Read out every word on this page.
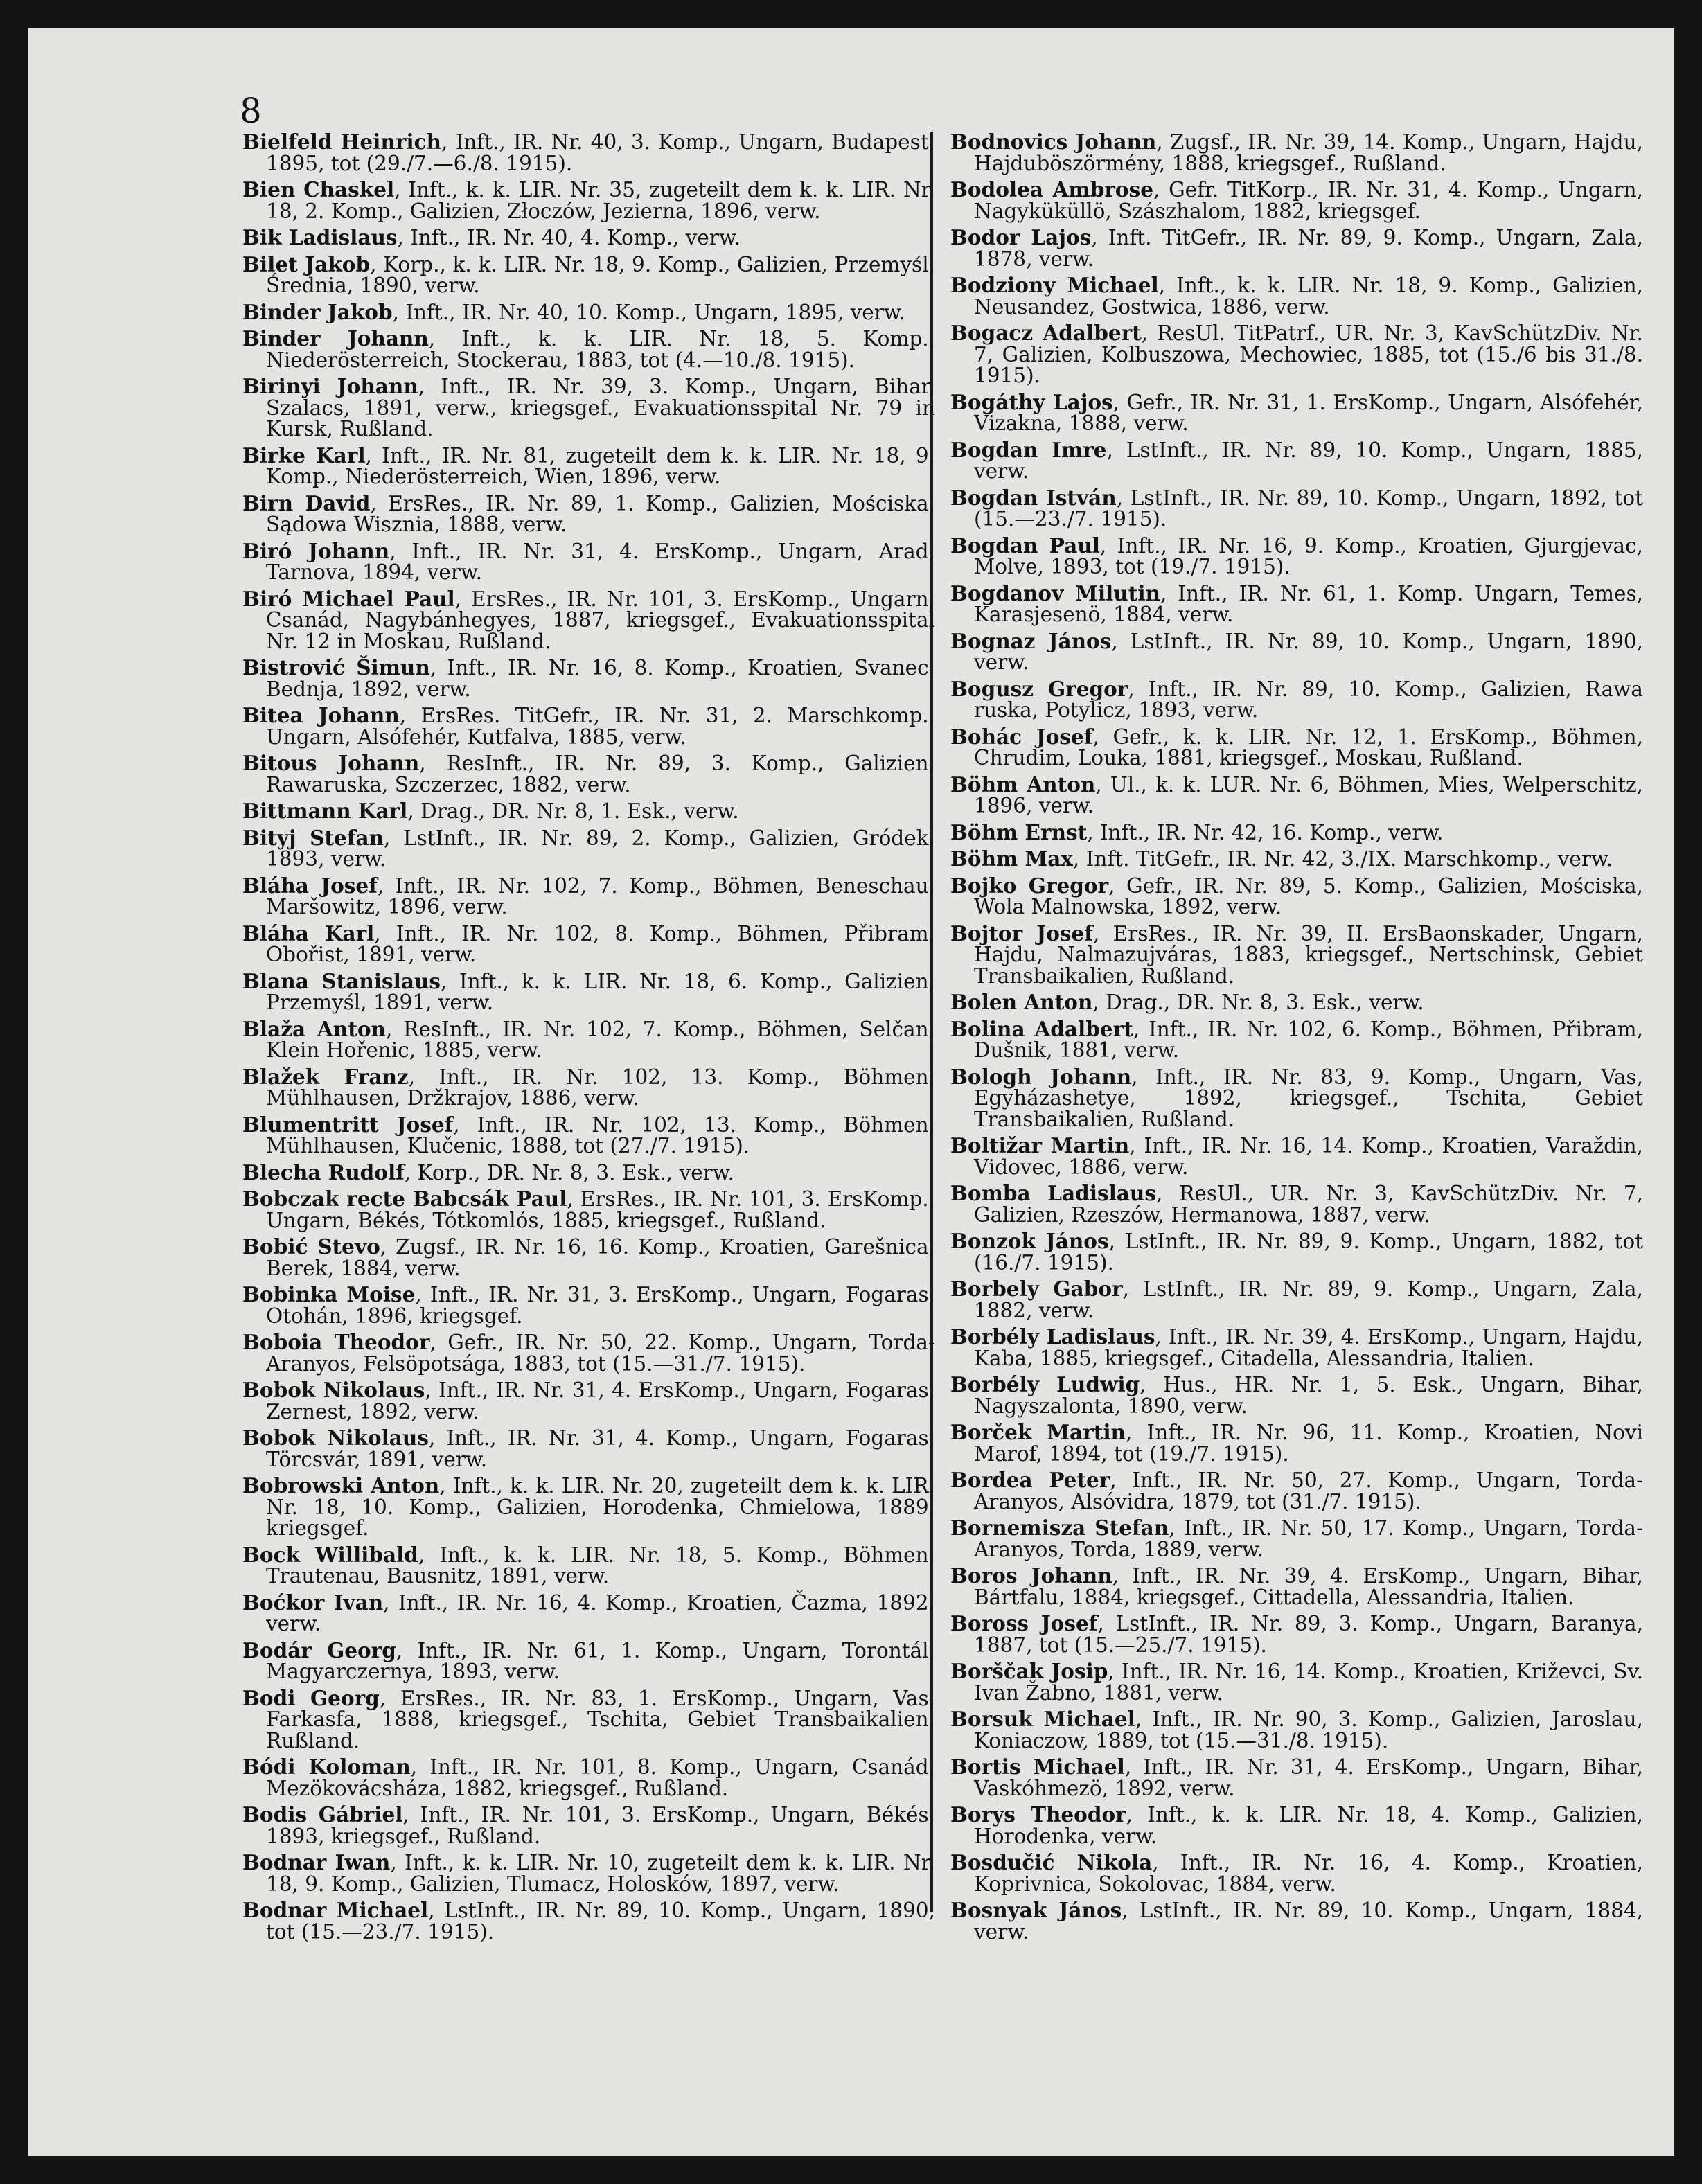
8
Bielfeld Heinrich, Inft., IR. Nr. 40, 3. Komp., Ungarn, Budapest, 1895, tot (29./7.—6./8. 1915).
Bien Chaskel, Inft., k. k. LIR. Nr. 35, zugeteilt dem k. k. LIR. Nr. 18, 2. Komp., Galizien, Złoczów, Jezierna, 1896, verw.
Bik Ladislaus, Inft., IR. Nr. 40, 4. Komp., verw.
Bilet Jakob, Korp., k. k. LIR. Nr. 18, 9. Komp., Galizien, Przemyśl, Średnia, 1890, verw.
Binder Jakob, Inft., IR. Nr. 40, 10. Komp., Ungarn, 1895, verw.
Binder Johann, Inft., k. k. LIR. Nr. 18, 5. Komp., Niederösterreich, Stockerau, 1883, tot (4.—10./8. 1915).
Birinyi Johann, Inft., IR. Nr. 39, 3. Komp., Ungarn, Bihar, Szalacs, 1891, verw., kriegsgef., Evakuationsspital Nr. 79 in Kursk, Rußland.
Birke Karl, Inft., IR. Nr. 81, zugeteilt dem k. k. LIR. Nr. 18, 9. Komp., Niederösterreich, Wien, 1896, verw.
Birn David, ErsRes., IR. Nr. 89, 1. Komp., Galizien, Mościska, Sądowa Wisznia, 1888, verw.
Biró Johann, Inft., IR. Nr. 31, 4. ErsKomp., Ungarn, Arad, Tarnova, 1894, verw.
Biró Michael Paul, ErsRes., IR. Nr. 101, 3. ErsKomp., Ungarn, Csanád, Nagybánhegyes, 1887, kriegsgef., Evakuationsspital Nr. 12 in Moskau, Rußland.
Bistrović Šimun, Inft., IR. Nr. 16, 8. Komp., Kroatien, Svanec, Bednja, 1892, verw.
Bitea Johann, ErsRes. TitGefr., IR. Nr. 31, 2. Marschkomp., Ungarn, Alsófehér, Kutfalva, 1885, verw.
Bitous Johann, ResInft., IR. Nr. 89, 3. Komp., Galizien, Rawaruska, Szczerzec, 1882, verw.
Bittmann Karl, Drag., DR. Nr. 8, 1. Esk., verw.
Bityj Stefan, LstInft., IR. Nr. 89, 2. Komp., Galizien, Gródek, 1893, verw.
Bláha Josef, Inft., IR. Nr. 102, 7. Komp., Böhmen, Beneschau, Maršowitz, 1896, verw.
Bláha Karl, Inft., IR. Nr. 102, 8. Komp., Böhmen, Přibram, Obořist, 1891, verw.
Blana Stanislaus, Inft., k. k. LIR. Nr. 18, 6. Komp., Galizien, Przemyśl, 1891, verw.
Blaža Anton, ResInft., IR. Nr. 102, 7. Komp., Böhmen, Selčan, Klein Hořenic, 1885, verw.
Blažek Franz, Inft., IR. Nr. 102, 13. Komp., Böhmen, Mühlhausen, Držkrajov, 1886, verw.
Blumentritt Josef, Inft., IR. Nr. 102, 13. Komp., Böhmen, Mühlhausen, Klučenic, 1888, tot (27./7. 1915).
Blecha Rudolf, Korp., DR. Nr. 8, 3. Esk., verw.
Bobczak recte Babcsák Paul, ErsRes., IR. Nr. 101, 3. ErsKomp., Ungarn, Békés, Tótkomlós, 1885, kriegsgef., Rußland.
Bobić Stevo, Zugsf., IR. Nr. 16, 16. Komp., Kroatien, Garešnica, Berek, 1884, verw.
Bobinka Moise, Inft., IR. Nr. 31, 3. ErsKomp., Ungarn, Fogaras, Otohán, 1896, kriegsgef.
Boboia Theodor, Gefr., IR. Nr. 50, 22. Komp., Ungarn, Torda-Aranyos, Felsöpotsága, 1883, tot (15.—31./7. 1915).
Bobok Nikolaus, Inft., IR. Nr. 31, 4. ErsKomp., Ungarn, Fogaras, Zernest, 1892, verw.
Bobok Nikolaus, Inft., IR. Nr. 31, 4. Komp., Ungarn, Fogaras, Törcsvár, 1891, verw.
Bobrowski Anton, Inft., k. k. LIR. Nr. 20, zugeteilt dem k. k. LIR. Nr. 18, 10. Komp., Galizien, Horodenka, Chmielowa, 1889, kriegsgef.
Bock Willibald, Inft., k. k. LIR. Nr. 18, 5. Komp., Böhmen, Trautenau, Bausnitz, 1891, verw.
Boćkor Ivan, Inft., IR. Nr. 16, 4. Komp., Kroatien, Čazma, 1892, verw.
Bodár Georg, Inft., IR. Nr. 61, 1. Komp., Ungarn, Torontál, Magyarczernya, 1893, verw.
Bodi Georg, ErsRes., IR. Nr. 83, 1. ErsKomp., Ungarn, Vas, Farkasfa, 1888, kriegsgef., Tschita, Gebiet Transbaikalien, Rußland.
Bódi Koloman, Inft., IR. Nr. 101, 8. Komp., Ungarn, Csanád, Mezökovácsháza, 1882, kriegsgef., Rußland.
Bodis Gábriel, Inft., IR. Nr. 101, 3. ErsKomp., Ungarn, Békés, 1893, kriegsgef., Rußland.
Bodnar Iwan, Inft., k. k. LIR. Nr. 10, zugeteilt dem k. k. LIR. Nr. 18, 9. Komp., Galizien, Tlumacz, Holosków, 1897, verw.
Bodnar Michael, LstInft., IR. Nr. 89, 10. Komp., Ungarn, 1890, tot (15.—23./7. 1915).
Bodnovics Johann, Zugsf., IR. Nr. 39, 14. Komp., Ungarn, Hajdu, Hajduböszörmény, 1888, kriegsgef., Rußland.
Bodolea Ambrose, Gefr. TitKorp., IR. Nr. 31, 4. Komp., Ungarn, Nagyküküllö, Szászhalom, 1882, kriegsgef.
Bodor Lajos, Inft. TitGefr., IR. Nr. 89, 9. Komp., Ungarn, Zala, 1878, verw.
Bodziony Michael, Inft., k. k. LIR. Nr. 18, 9. Komp., Galizien, Neusandez, Gostwica, 1886, verw.
Bogacz Adalbert, ResUl. TitPatrf., UR. Nr. 3, KavSchützDiv. Nr. 7, Galizien, Kolbuszowa, Mechowiec, 1885, tot (15./6 bis 31./8. 1915).
Bogáthy Lajos, Gefr., IR. Nr. 31, 1. ErsKomp., Ungarn, Alsófehér, Vizakna, 1888, verw.
Bogdan Imre, LstInft., IR. Nr. 89, 10. Komp., Ungarn, 1885, verw.
Bogdan István, LstInft., IR. Nr. 89, 10. Komp., Ungarn, 1892, tot (15.—23./7. 1915).
Bogdan Paul, Inft., IR. Nr. 16, 9. Komp., Kroatien, Gjurgjevac, Molve, 1893, tot (19./7. 1915).
Bogdanov Milutin, Inft., IR. Nr. 61, 1. Komp. Ungarn, Temes, Karasjesenö, 1884, verw.
Bognaz János, LstInft., IR. Nr. 89, 10. Komp., Ungarn, 1890, verw.
Bogusz Gregor, Inft., IR. Nr. 89, 10. Komp., Galizien, Rawa ruska, Potylicz, 1893, verw.
Bohác Josef, Gefr., k. k. LIR. Nr. 12, 1. ErsKomp., Böhmen, Chrudim, Louka, 1881, kriegsgef., Moskau, Rußland.
Böhm Anton, Ul., k. k. LUR. Nr. 6, Böhmen, Mies, Welperschitz, 1896, verw.
Böhm Ernst, Inft., IR. Nr. 42, 16. Komp., verw.
Böhm Max, Inft. TitGefr., IR. Nr. 42, 3./IX. Marschkomp., verw.
Bojko Gregor, Gefr., IR. Nr. 89, 5. Komp., Galizien, Mościska, Wola Malnowska, 1892, verw.
Bojtor Josef, ErsRes., IR. Nr. 39, II. ErsBaonskader, Ungarn, Hajdu, Nalmazujváras, 1883, kriegsgef., Nertschinsk, Gebiet Transbaikalien, Rußland.
Bolen Anton, Drag., DR. Nr. 8, 3. Esk., verw.
Bolina Adalbert, Inft., IR. Nr. 102, 6. Komp., Böhmen, Přibram, Dušnik, 1881, verw.
Bologh Johann, Inft., IR. Nr. 83, 9. Komp., Ungarn, Vas, Egyházashetye, 1892, kriegsgef., Tschita, Gebiet Transbaikalien, Rußland.
Boltižar Martin, Inft., IR. Nr. 16, 14. Komp., Kroatien, Varaždin, Vidovec, 1886, verw.
Bomba Ladislaus, ResUl., UR. Nr. 3, KavSchützDiv. Nr. 7, Galizien, Rzeszów, Hermanowa, 1887, verw.
Bonzok János, LstInft., IR. Nr. 89, 9. Komp., Ungarn, 1882, tot (16./7. 1915).
Borbely Gabor, LstInft., IR. Nr. 89, 9. Komp., Ungarn, Zala, 1882, verw.
Borbély Ladislaus, Inft., IR. Nr. 39, 4. ErsKomp., Ungarn, Hajdu, Kaba, 1885, kriegsgef., Citadella, Alessandria, Italien.
Borbély Ludwig, Hus., HR. Nr. 1, 5. Esk., Ungarn, Bihar, Nagyszalonta, 1890, verw.
Borček Martin, Inft., IR. Nr. 96, 11. Komp., Kroatien, Novi Marof, 1894, tot (19./7. 1915).
Bordea Peter, Inft., IR. Nr. 50, 27. Komp., Ungarn, Torda-Aranyos, Alsóvidra, 1879, tot (31./7. 1915).
Bornemisza Stefan, Inft., IR. Nr. 50, 17. Komp., Ungarn, Torda-Aranyos, Torda, 1889, verw.
Boros Johann, Inft., IR. Nr. 39, 4. ErsKomp., Ungarn, Bihar, Bártfalu, 1884, kriegsgef., Cittadella, Alessandria, Italien.
Boross Josef, LstInft., IR. Nr. 89, 3. Komp., Ungarn, Baranya, 1887, tot (15.—25./7. 1915).
Borščak Josip, Inft., IR. Nr. 16, 14. Komp., Kroatien, Križevci, Sv. Ivan Žabno, 1881, verw.
Borsuk Michael, Inft., IR. Nr. 90, 3. Komp., Galizien, Jaroslau, Koniaczow, 1889, tot (15.—31./8. 1915).
Bortis Michael, Inft., IR. Nr. 31, 4. ErsKomp., Ungarn, Bihar, Vaskóhmezö, 1892, verw.
Borys Theodor, Inft., k. k. LIR. Nr. 18, 4. Komp., Galizien, Horodenka, verw.
Bosdučić Nikola, Inft., IR. Nr. 16, 4. Komp., Kroatien, Koprivnica, Sokolovac, 1884, verw.
Bosnyak János, LstInft., IR. Nr. 89, 10. Komp., Ungarn, 1884, verw.
